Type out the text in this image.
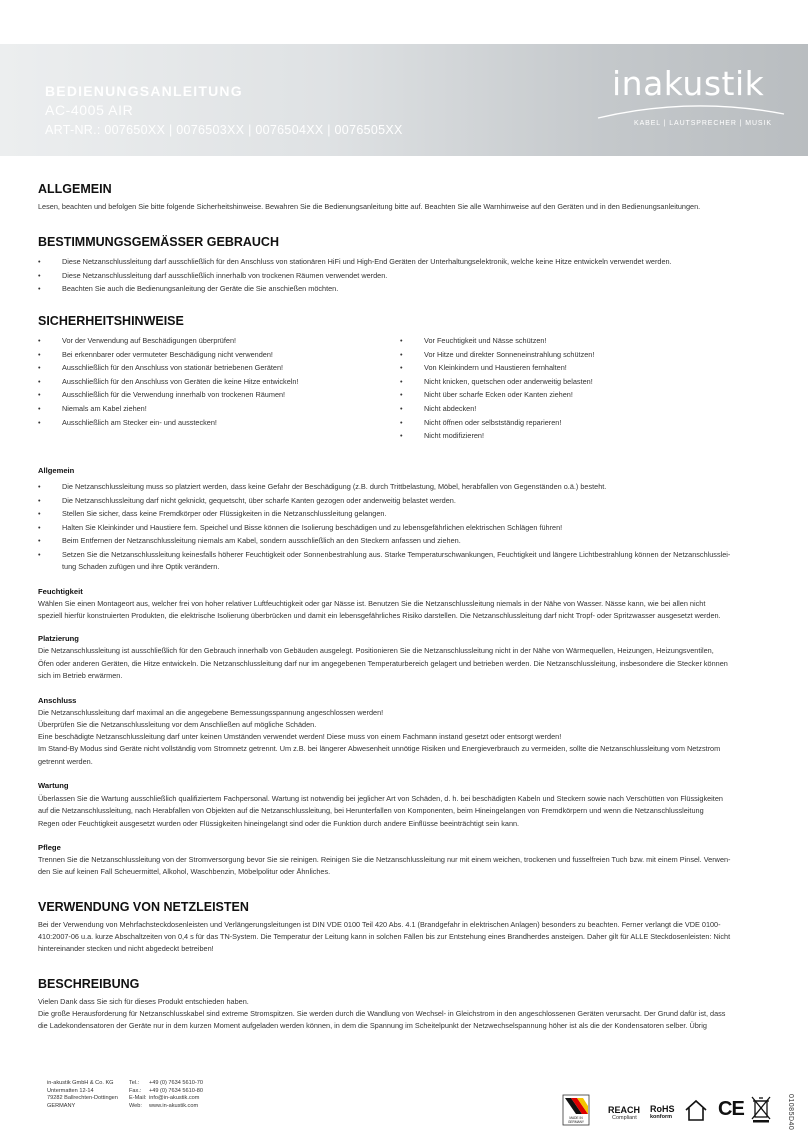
BEDIENUNGSANLEITUNG
AC-4005 AIR
ART-NR.: 007650XX | 0076503XX | 0076504XX | 0076505XX
inakustik
KABEL | LAUTSPRECHER | MUSIK
ALLGEMEIN
Lesen, beachten und befolgen Sie bitte folgende Sicherheitshinweise. Bewahren Sie die Bedienungsanleitung bitte auf. Beachten Sie alle Warnhinweise auf den Geräten und in den Bedienungsanleitungen.
BESTIMMUNGSGEMÄSSER GEBRAUCH
• Diese Netzanschlussleitung darf ausschließlich für den Anschluss von stationären HiFi und High-End Geräten der Unterhaltungselektronik, welche keine Hitze entwickeln verwendet werden.
• Diese Netzanschlussleitung darf ausschließlich innerhalb von trockenen Räumen verwendet werden.
• Beachten Sie auch die Bedienungsanleitung der Geräte die Sie anschießen möchten.
SICHERHEITSHINWEISE
• Vor der Verwendung auf Beschädigungen überprüfen!
• Bei erkennbarer oder vermuteter Beschädigung nicht verwenden!
• Ausschließlich für den Anschluss von stationär betriebenen Geräten!
• Ausschließlich für den Anschluss von Geräten die keine Hitze entwickeln!
• Ausschließlich für die Verwendung innerhalb von trockenen Räumen!
• Niemals am Kabel ziehen!
• Ausschließlich am Stecker ein- und ausstecken!
• Vor Feuchtigkeit und Nässe schützen!
• Vor Hitze und direkter Sonneneinstrahlung schützen!
• Von Kleinkindern und Haustieren fernhalten!
• Nicht knicken, quetschen oder anderweitig belasten!
• Nicht über scharfe Ecken oder Kanten ziehen!
• Nicht abdecken!
• Nicht öffnen oder selbstständig reparieren!
• Nicht modifizieren!
Allgemein
• Die Netzanschlussleitung muss so platziert werden, dass keine Gefahr der Beschädigung (z.B. durch Trittbelastung, Möbel, herabfallen von Gegenständen o.ä.) besteht.
• Die Netzanschlussleitung darf nicht geknickt, gequetscht, über scharfe Kanten gezogen oder anderweitig belastet werden.
• Stellen Sie sicher, dass keine Fremdkörper oder Flüssigkeiten in die Netzanschlussleitung gelangen.
• Halten Sie Kleinkinder und Haustiere fern. Speichel und Bisse können die Isolierung beschädigen und zu lebensgefährlichen elektrischen Schlägen führen!
• Beim Entfernen der Netzanschlussleitung niemals am Kabel, sondern ausschließlich an den Steckern anfassen und ziehen.
• Setzen Sie die Netzanschlussleitung keinesfalls höherer Feuchtigkeit oder Sonnenbestrahlung aus. Starke Temperaturschwankungen, Feuchtigkeit und längere Lichtbestrahlung können der Netzanschlusslei-
tung Schaden zufügen und ihre Optik verändern.
Feuchtigkeit
Wählen Sie einen Montageort aus, welcher frei von hoher relativer Luftfeuchtigkeit oder gar Nässe ist. Benutzen Sie die Netzanschlussleitung niemals in der Nähe von Wasser. Nässe kann, wie bei allen nicht
speziell hierfür konstruierten Produkten, die elektrische Isolierung überbrücken und damit ein lebensgefährliches Risiko darstellen. Die Netzanschlussleitung darf nicht Tropf- oder Spritzwasser ausgesetzt werden.
Platzierung
Die Netzanschlussleitung ist ausschließlich für den Gebrauch innerhalb von Gebäuden ausgelegt. Positionieren Sie die Netzanschlussleitung nicht in der Nähe von Wärmequellen, Heizungen, Heizungsventilen,
Öfen oder anderen Geräten, die Hitze entwickeln. Die Netzanschlussleitung darf nur im angegebenen Temperaturbereich gelagert und betrieben werden. Die Netzanschlussleitung, insbesondere die Stecker können
sich im Betrieb erwärmen.
Anschluss
Die Netzanschlussleitung darf maximal an die angegebene Bemessungsspannung angeschlossen werden!
Überprüfen Sie die Netzanschlussleitung vor dem Anschließen auf mögliche Schäden.
Eine beschädigte Netzanschlussleitung darf unter keinen Umständen verwendet werden! Diese muss von einem Fachmann instand gesetzt oder entsorgt werden!
Im Stand-By Modus sind Geräte nicht vollständig vom Stromnetz getrennt. Um z.B. bei längerer Abwesenheit unnötige Risiken und Energieverbrauch zu vermeiden, sollte die Netzanschlussleitung vom Netzstrom
getrennt werden.
Wartung
Überlassen Sie die Wartung ausschließlich qualifiziertem Fachpersonal. Wartung ist notwendig bei jeglicher Art von Schäden, d. h. bei beschädigten Kabeln und Steckern sowie nach Verschütten von Flüssigkeiten
auf die Netzanschlussleitung, nach Herabfallen von Objekten auf die Netzanschlussleitung, bei Herunterfallen von Komponenten, beim Hineingelangen von Fremdkörpern und wenn die Netzanschlussleitung
Regen oder Feuchtigkeit ausgesetzt wurden oder Flüssigkeiten hineingelangt sind oder die Funktion durch andere Einflüsse beeinträchtigt sein kann.
Pflege
Trennen Sie die Netzanschlussleitung von der Stromversorgung bevor Sie sie reinigen. Reinigen Sie die Netzanschlussleitung nur mit einem weichen, trockenen und fusselfreien Tuch bzw. mit einem Pinsel. Verwen-
den Sie auf keinen Fall Scheuermittel, Alkohol, Waschbenzin, Möbelpolitur oder Ähnliches.
VERWENDUNG VON NETZLEISTEN
Bei der Verwendung von Mehrfachsteckdosenleisten und Verlängerungsleitungen ist DIN VDE 0100 Teil 420 Abs. 4.1 (Brandgefahr in elektrischen Anlagen) besonders zu beachten. Ferner verlangt die VDE 0100-
410:2007-06 u.a. kurze Abschaltzeiten von 0,4 s für das TN-System. Die Temperatur der Leitung kann in solchen Fällen bis zur Entstehung eines Brandherdes ansteigen. Daher gilt für ALLE Steckdosenleisten: Nicht
hintereinander stecken und nicht abgedeckt betreiben!
BESCHREIBUNG
Vielen Dank dass Sie sich für dieses Produkt entschieden haben.
Die große Herausforderung für Netzanschlusskabel sind extreme Stromspitzen. Sie werden durch die Wandlung von Wechsel- in Gleichstrom in den angeschlossenen Geräten verursacht. Der Grund dafür ist, dass
die Ladekondensatoren der Geräte nur in dem kurzen Moment aufgeladen werden können, in dem die Spannung im Scheitelpunkt der Netzwechselspannung höher ist als die der Kondensatoren selber. Übrig
in-akustik GmbH & Co. KG
Untermatten 12-14
79282 Ballrechten-Dottingen
GERMANY
Tel.:	+49 (0) 7634 5610-70
Fax.:	+49 (0) 7634 5610-80
E-Mail: info@in-akustik.com
Web:	www.in-akustik.com
MADE IN
GERMANY
REACH
Compliant
RoHS
konform CE	01085D40
